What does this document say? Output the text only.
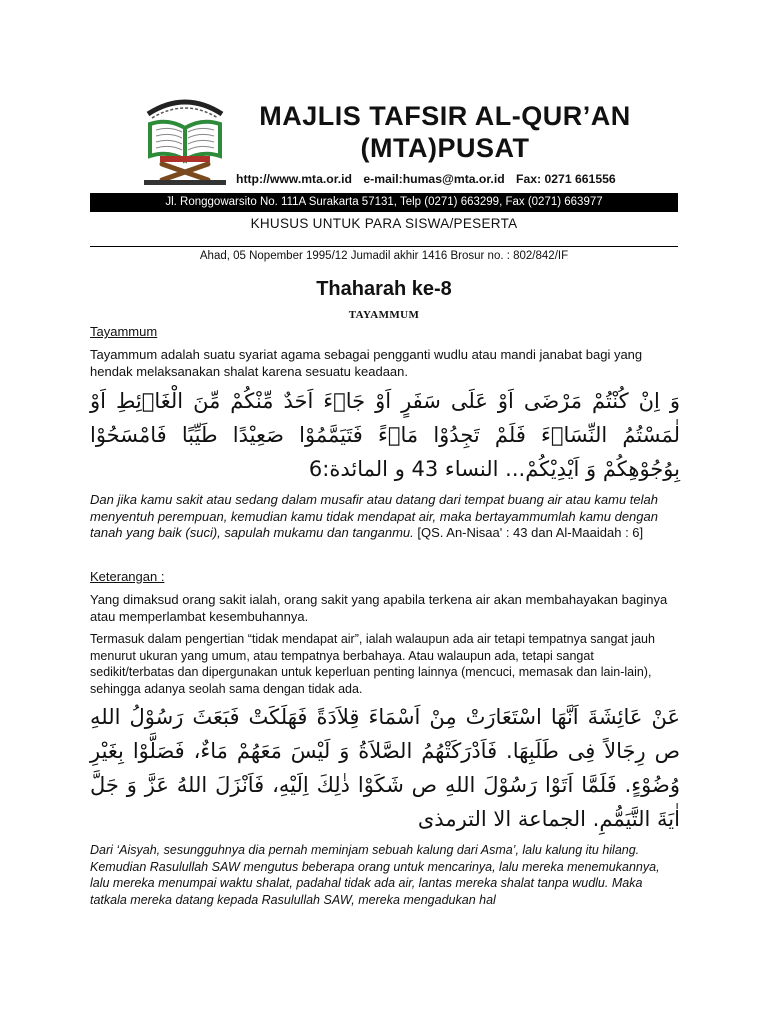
MAJLIS TAFSIR AL-QUR’AN
(MTA)PUSAT
http://www.mta.or.id e-mail:humas@mta.or.id Fax: 0271 661556
Jl. Ronggowarsito No. 111A Surakarta 57131, Telp (0271) 663299, Fax (0271) 663977
KHUSUS UNTUK PARA SISWA/PESERTA
Ahad, 05 Nopember 1995/12 Jumadil akhir 1416 Brosur no. : 802/842/IF
Thaharah ke-8
TAYAMMUM
Tayammum
Tayammum adalah suatu syariat agama sebagai pengganti wudlu atau mandi janabat bagi yang hendak melaksanakan shalat karena sesuatu keadaan.
وَ اِنْ كُنْتُمْ مَرْضَى اَوْ عَلَى سَفَرٍ اَوْ جَاۤءَ اَحَدٌ مِّنْكُمْ مِّنَ الْغَاۤئِطِ اَوْ لٰمَسْتُمُ النِّسَاۤءَ فَلَمْ تَجِدُوْا مَاۤءً فَتَيَمَّمُوْا صَعِيْدًا طَيِّبًا فَامْسَحُوْا بِوُجُوْهِكُمْ وَ اَيْدِيْكُمْ... النساء 43 و المائدة:6
Dan jika kamu sakit atau sedang dalam musafir atau datang dari tempat buang air atau kamu telah menyentuh perempuan, kemudian kamu tidak mendapat air, maka bertayammumlah kamu dengan tanah yang baik (suci), sapulah mukamu dan tanganmu. [QS. An-Nisaa' : 43 dan Al-Maaidah : 6]
Keterangan :
Yang dimaksud orang sakit ialah, orang sakit yang apabila terkena air akan membahayakan baginya atau memperlambat kesembuhannya.
Termasuk dalam pengertian “tidak mendapat air”, ialah walaupun ada air tetapi tempatnya sangat jauh menurut ukuran yang umum, atau tempatnya berbahaya. Atau walaupun ada, tetapi sangat sedikit/terbatas dan dipergunakan untuk keperluan penting lainnya (mencuci, memasak dan lain-lain), sehingga adanya seolah sama dengan tidak ada.
عَنْ عَائِشَةَ اَنَّهَا اسْتَعَارَتْ مِنْ اَسْمَاءَ قِلاَدَةً فَهَلَكَتْ فَبَعَثَ رَسُوْلُ اللهِ ص رِجَالاً فِى طَلَبِهَا. فَاَدْرَكَتْهُمُ الصَّلاَةُ وَ لَيْسَ مَعَهُمْ مَاءٌ، فَصَلَّوْا بِغَيْرِ وُضُوْءٍ. فَلَمَّا اَتَوْا رَسُوْلَ اللهِ ص شَكَوْا ذٰلِكَ اِلَيْهِ، فَاَنْزَلَ اللهُ عَزَّ وَ جَلَّ اٰيَةَ التَّيَمُّمِ. الجماعة الا الترمذى
Dari ‘Aisyah, sesungguhnya dia pernah meminjam sebuah kalung dari Asma’, lalu kalung itu hilang. Kemudian Rasulullah SAW mengutus beberapa orang untuk mencarinya, lalu mereka menemukannya, lalu mereka menumpai waktu shalat, padahal tidak ada air, lantas mereka shalat tanpa wudlu. Maka tatkala mereka datang kepada Rasulullah SAW, mereka mengadukan hal
